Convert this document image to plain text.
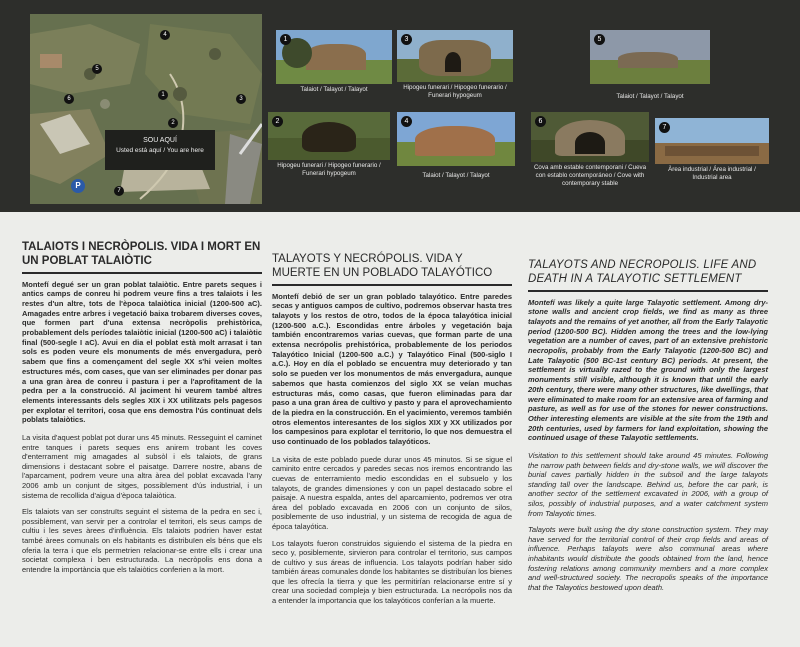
4
5
1
6	3
2
7
P
SOU AQUÍ
Usted está aquí / You are here
1
Talaiot / Talayot / Talayot
3
Hipogeu funerari / Hipogeo funerario / Funerari hypogeum
5
Talaiot / Talayot / Talayot
2
Hipogeu funerari / Hipogeo funerario / Funerari hypogeum
4
Talaiot / Talayot / Talayot
6
Cova amb estable contemporani / Cueva con establo contemporáneo / Cove with contemporary stable
7
Àrea industrial / Área industrial / Industrial area
TALAIOTS I NECRÒPOLIS. VIDA I MORT EN UN POBLAT TALAIÒTIC

Montefí degué ser un gran poblat talaiòtic. Entre parets seques i antics camps de conreu hi podrem veure fins a tres talaiots i les restes d'un altre, tots de l'època talaiòtica inicial (1200-500 aC). Amagades entre arbres i vegetació baixa trobarem diverses coves, que formen part d'una extensa necròpolis prehistòrica, probablement dels períodes talaiòtic inicial (1200-500 aC) i talaiòtic final (500-segle I aC). Avui en dia el poblat està molt arrasat i tan sols es poden veure els monuments de més envergadura, però sabem que fins a començament del segle XX s'hi veien moltes estructures més, com cases, que van ser eliminades per donar pas a una gran àrea de conreu i pastura i per a l'aprofitament de la pedra per a la construcció. Al jaciment hi veurem també altres elements interessants dels segles XIX i XX utilitzats pels pagesos per explotar el territori, cosa que ens demostra l'ús continuat dels poblats talaiòtics.

La visita d'aquest poblat pot durar uns 45 minuts. Resseguint el caminet entre tanques i parets seques ens anirem trobant les coves d'enterrament mig amagades al subsòl i els talaiots, de grans dimensions i destacant sobre el paisatge. Darrere nostre, abans de l'aparcament, podrem veure una altra àrea del poblat excavada l'any 2006 amb un conjunt de sitges, possiblement d'ús industrial, i un sistema de recollida d'aigua d'època talaiòtica.

Els talaiots van ser construïts seguint el sistema de la pedra en sec i, possiblement, van servir per a controlar el territori, els seus camps de cultiu i les seves àrees d'influència. Els talaiots podrien haver estat també àrees comunals on els habitants es distribuïen els béns que els oferia la terra i que els permetrien relacionar-se entre ells i crear una societat complexa i ben estructurada. La necròpolis ens dona a entendre la importància que els talaiòtics conferien a la mort.

TALAYOTS Y NECRÓPOLIS. VIDA Y MUERTE EN UN POBLADO TALAYÓTICO

Montefí debió de ser un gran poblado talayótico. Entre paredes secas y antiguos campos de cultivo, podremos observar hasta tres talayots y los restos de otro, todos de la época talayótica inicial (1200-500 a.C.). Escondidas entre árboles y vegetación baja también encontraremos varias cuevas, que forman parte de una extensa necrópolis prehistórica, probablemente de los periodos Talayótico Inicial (1200-500 a.C.) y Talayótico Final (500-siglo I a.C.). Hoy en día el poblado se encuentra muy deteriorado y tan solo se pueden ver los monumentos de más envergadura, aunque sabemos que hasta comienzos del siglo XX se veían muchas estructuras más, como casas, que fueron eliminadas para dar paso a una gran área de cultivo y pasto y para el aprovechamiento de la piedra en la construcción. En el yacimiento, veremos también otros elementos interesantes de los siglos XIX y XX utilizados por los campesinos para explotar el territorio, lo que nos demuestra el uso continuado de los poblados talayóticos.

La visita de este poblado puede durar unos 45 minutos. Si se sigue el caminito entre cercados y paredes secas nos iremos encontrando las cuevas de enterramiento medio escondidas en el subsuelo y los talayots, de grandes dimensiones y con un papel destacado sobre el paisaje. A nuestra espalda, antes del aparcamiento, podremos ver otra área del poblado excavada en 2006 con un conjunto de silos, posiblemente de uso industrial, y un sistema de recogida de agua de época talayótica.

Los talayots fueron construidos siguiendo el sistema de la piedra en seco y, posiblemente, sirvieron para controlar el territorio, sus campos de cultivo y sus áreas de influencia. Los talayots podrían haber sido también áreas comunales donde los habitantes se distribuían los bienes que les ofrecía la tierra y que les permitirían relacionarse entre sí y crear una sociedad compleja y bien estructurada. La necrópolis nos da a entender la importancia que los talayóticos conferían a la muerte.

TALAYOTS AND NECROPOLIS. LIFE AND DEATH IN A TALAYOTIC SETTLEMENT

Montefí was likely a quite large Talayotic settlement. Among dry-stone walls and ancient crop fields, we find as many as three talayots and the remains of yet another, all from the Early Talayotic period (1200-500 BC). Hidden among the trees and the low-lying vegetation are a number of caves, part of an extensive prehistoric necropolis, probably from the Early Talayotic (1200-500 BC) and Late Talayotic (500 BC-1st century BC) periods. At present, the settlement is virtually razed to the ground with only the largest monuments still visible, although it is known that until the early 20th century, there were many other structures, like dwellings, that were eliminated to make room for an extensive area of farming and pasture, as well as for use of the stones for newer constructions. Other interesting elements are visible at the site from the 19th and 20th centuries, used by farmers for land exploitation, showing the continued usage of these Talayotic settlements.

Visitation to this settlement should take around 45 minutes. Following the narrow path between fields and dry-stone walls, we will discover the burial caves partially hidden in the subsoil and the large talayots standing tall over the landscape. Behind us, before the car park, is another sector of the settlement excavated in 2006, with a group of silos, possibly of industrial purposes, and a water catchment system from Talayotic times.

Talayots were built using the dry stone construction system. They may have served for the territorial control of their crop fields and areas of influence. Perhaps talayots were also communal areas where inhabitants would distribute the goods obtained from the land, hence fostering relations among community members and a more complex and well-structured society. The necropolis speaks of the importance that the Talayotics bestowed upon death.
